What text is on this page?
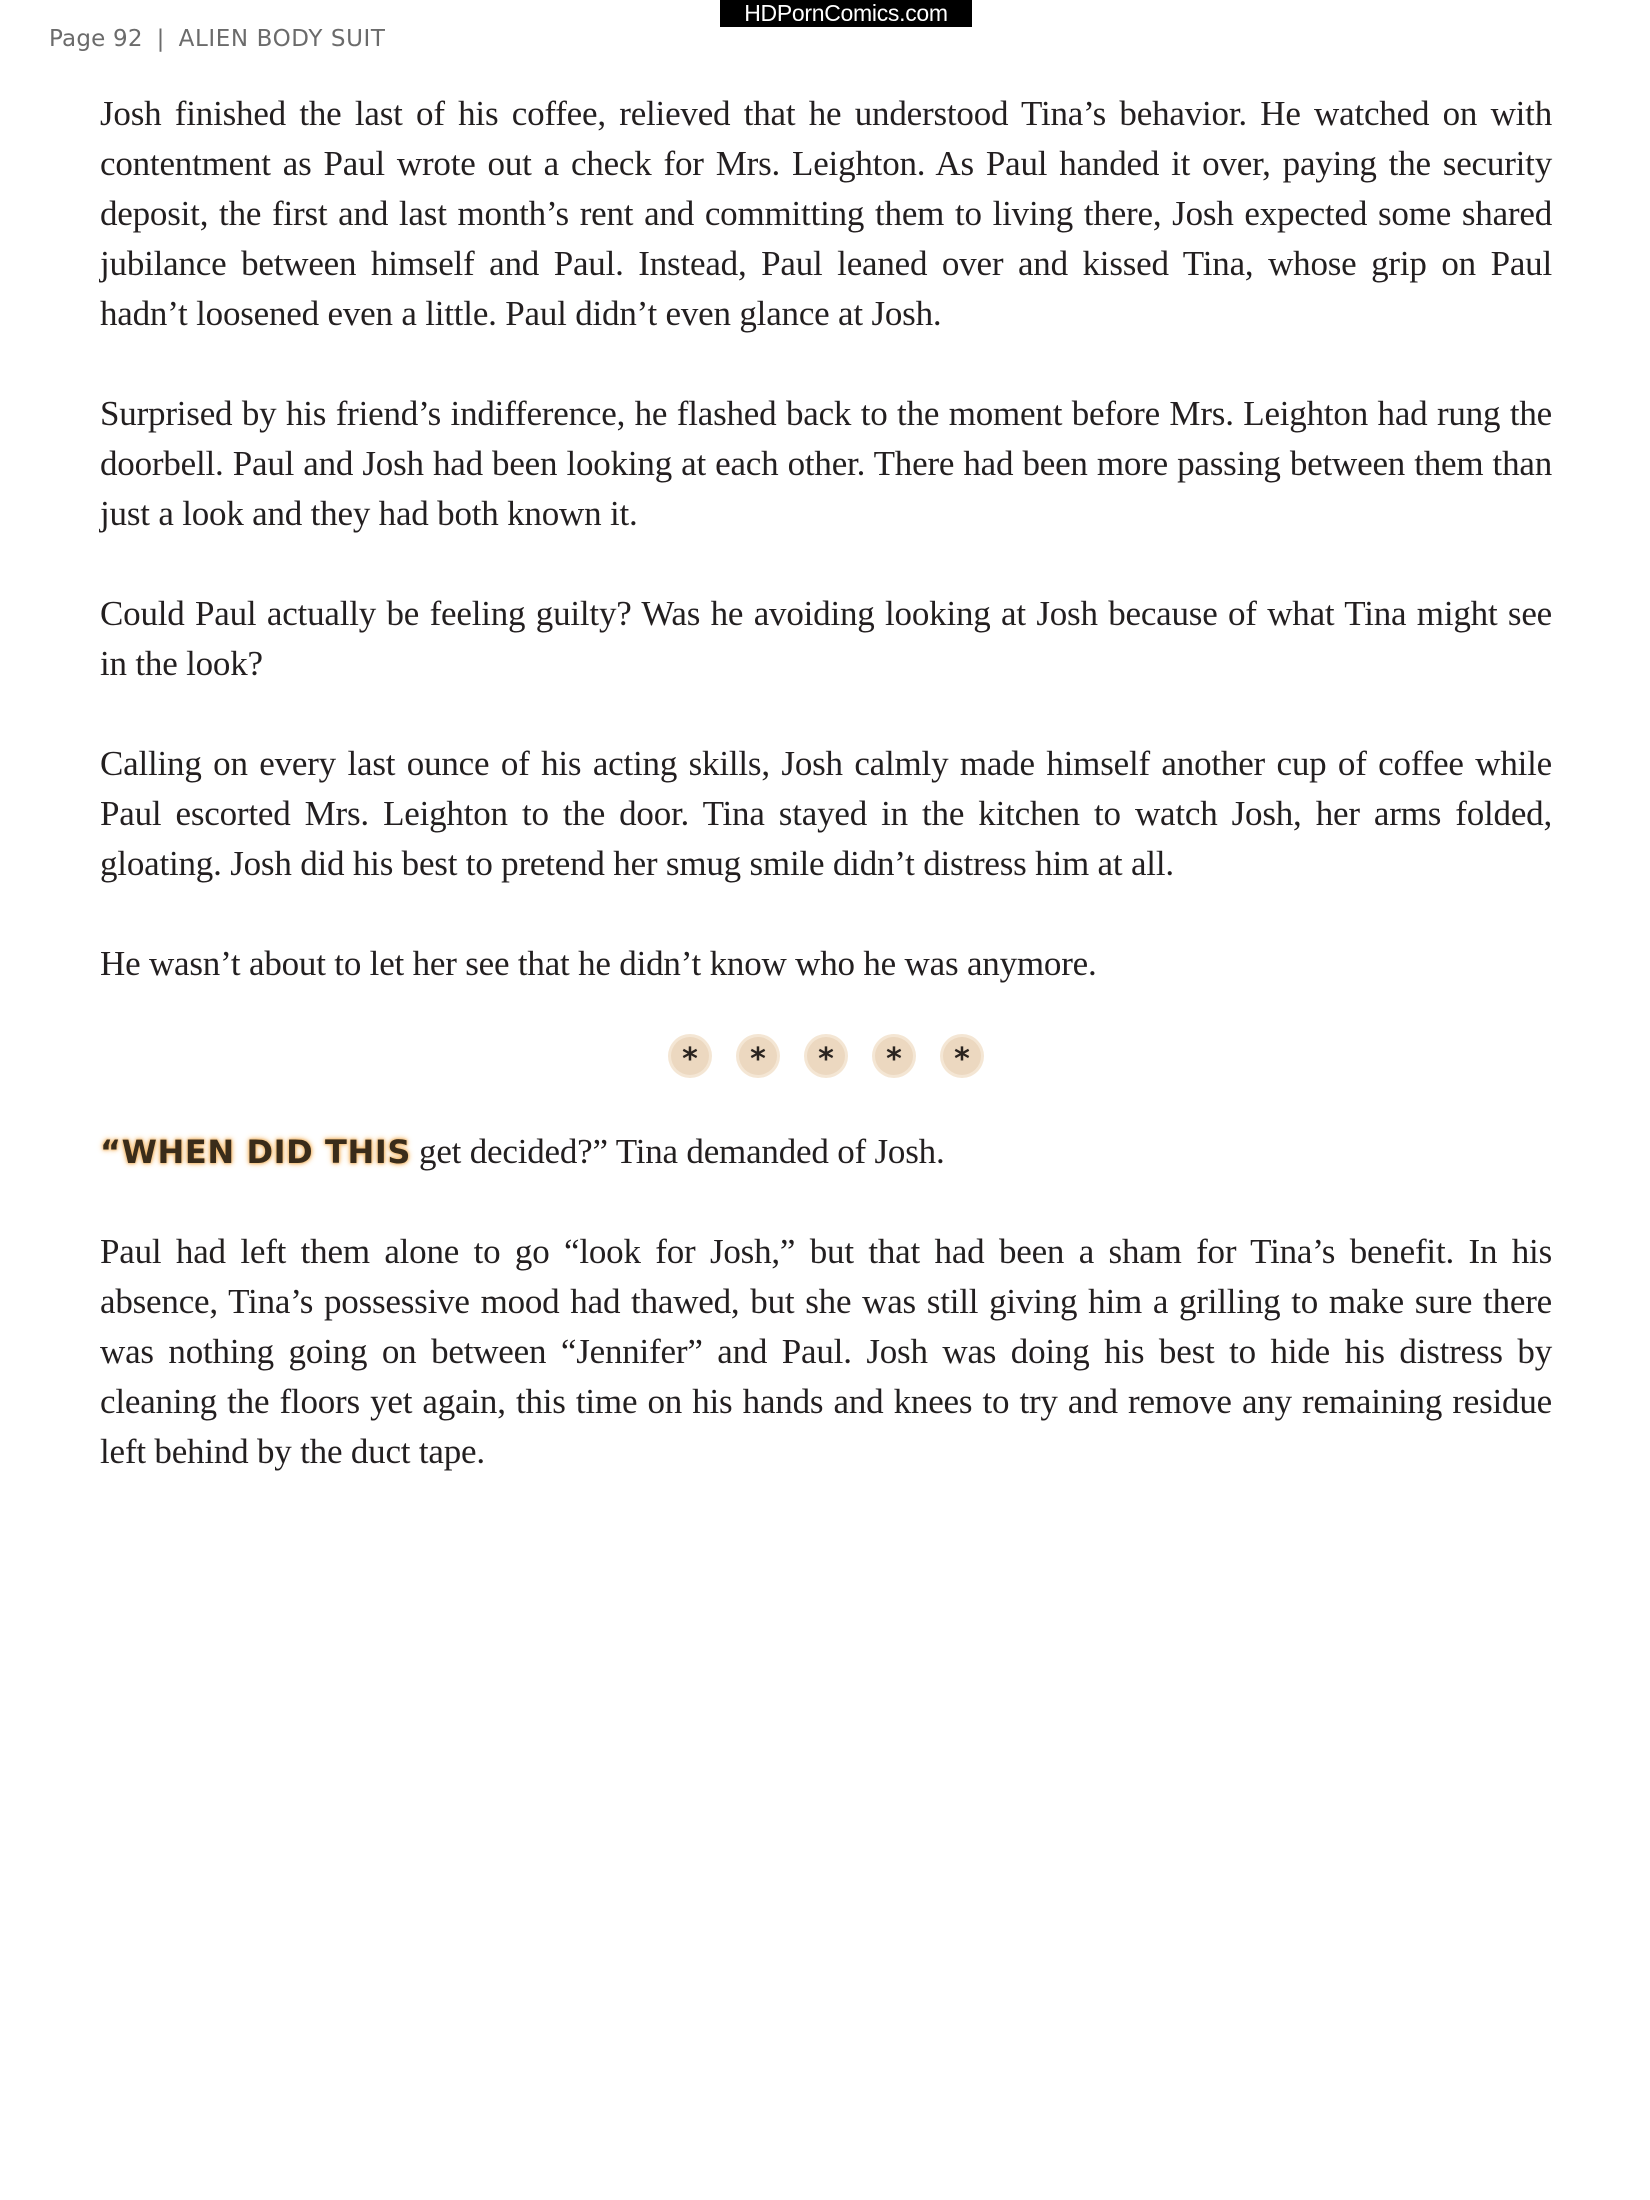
HDPornComics.com
Page 92 | ALIEN BODY SUIT

Josh finished the last of his coffee, relieved that he understood Tina’s behavior. He watched on with contentment as Paul wrote out a check for Mrs. Leighton. As Paul handed it over, paying the security deposit, the first and last month’s rent and committing them to living there, Josh expected some shared jubilance between himself and Paul. Instead, Paul leaned over and kissed Tina, whose grip on Paul hadn’t loosened even a little. Paul didn’t even glance at Josh.

Surprised by his friend’s indifference, he flashed back to the moment before Mrs. Leighton had rung the doorbell. Paul and Josh had been looking at each other. There had been more passing between them than just a look and they had both known it.

Could Paul actually be feeling guilty? Was he avoiding looking at Josh because of what Tina might see in the look?

Calling on every last ounce of his acting skills, Josh calmly made himself another cup of coffee while Paul escorted Mrs. Leighton to the door. Tina stayed in the kitchen to watch Josh, her arms folded, gloating. Josh did his best to pretend her smug smile didn’t distress him at all.

He wasn’t about to let her see that he didn’t know who he was anymore.

*	*	*	*	*

“WHEN DID THIS get decided?” Tina demanded of Josh.

Paul had left them alone to go “look for Josh,” but that had been a sham for Tina’s benefit. In his absence, Tina’s possessive mood had thawed, but she was still giving him a grilling to make sure there was nothing going on between “Jennifer” and Paul. Josh was doing his best to hide his distress by cleaning the floors yet again, this time on his hands and knees to try and remove any remaining residue left behind by the duct tape.
